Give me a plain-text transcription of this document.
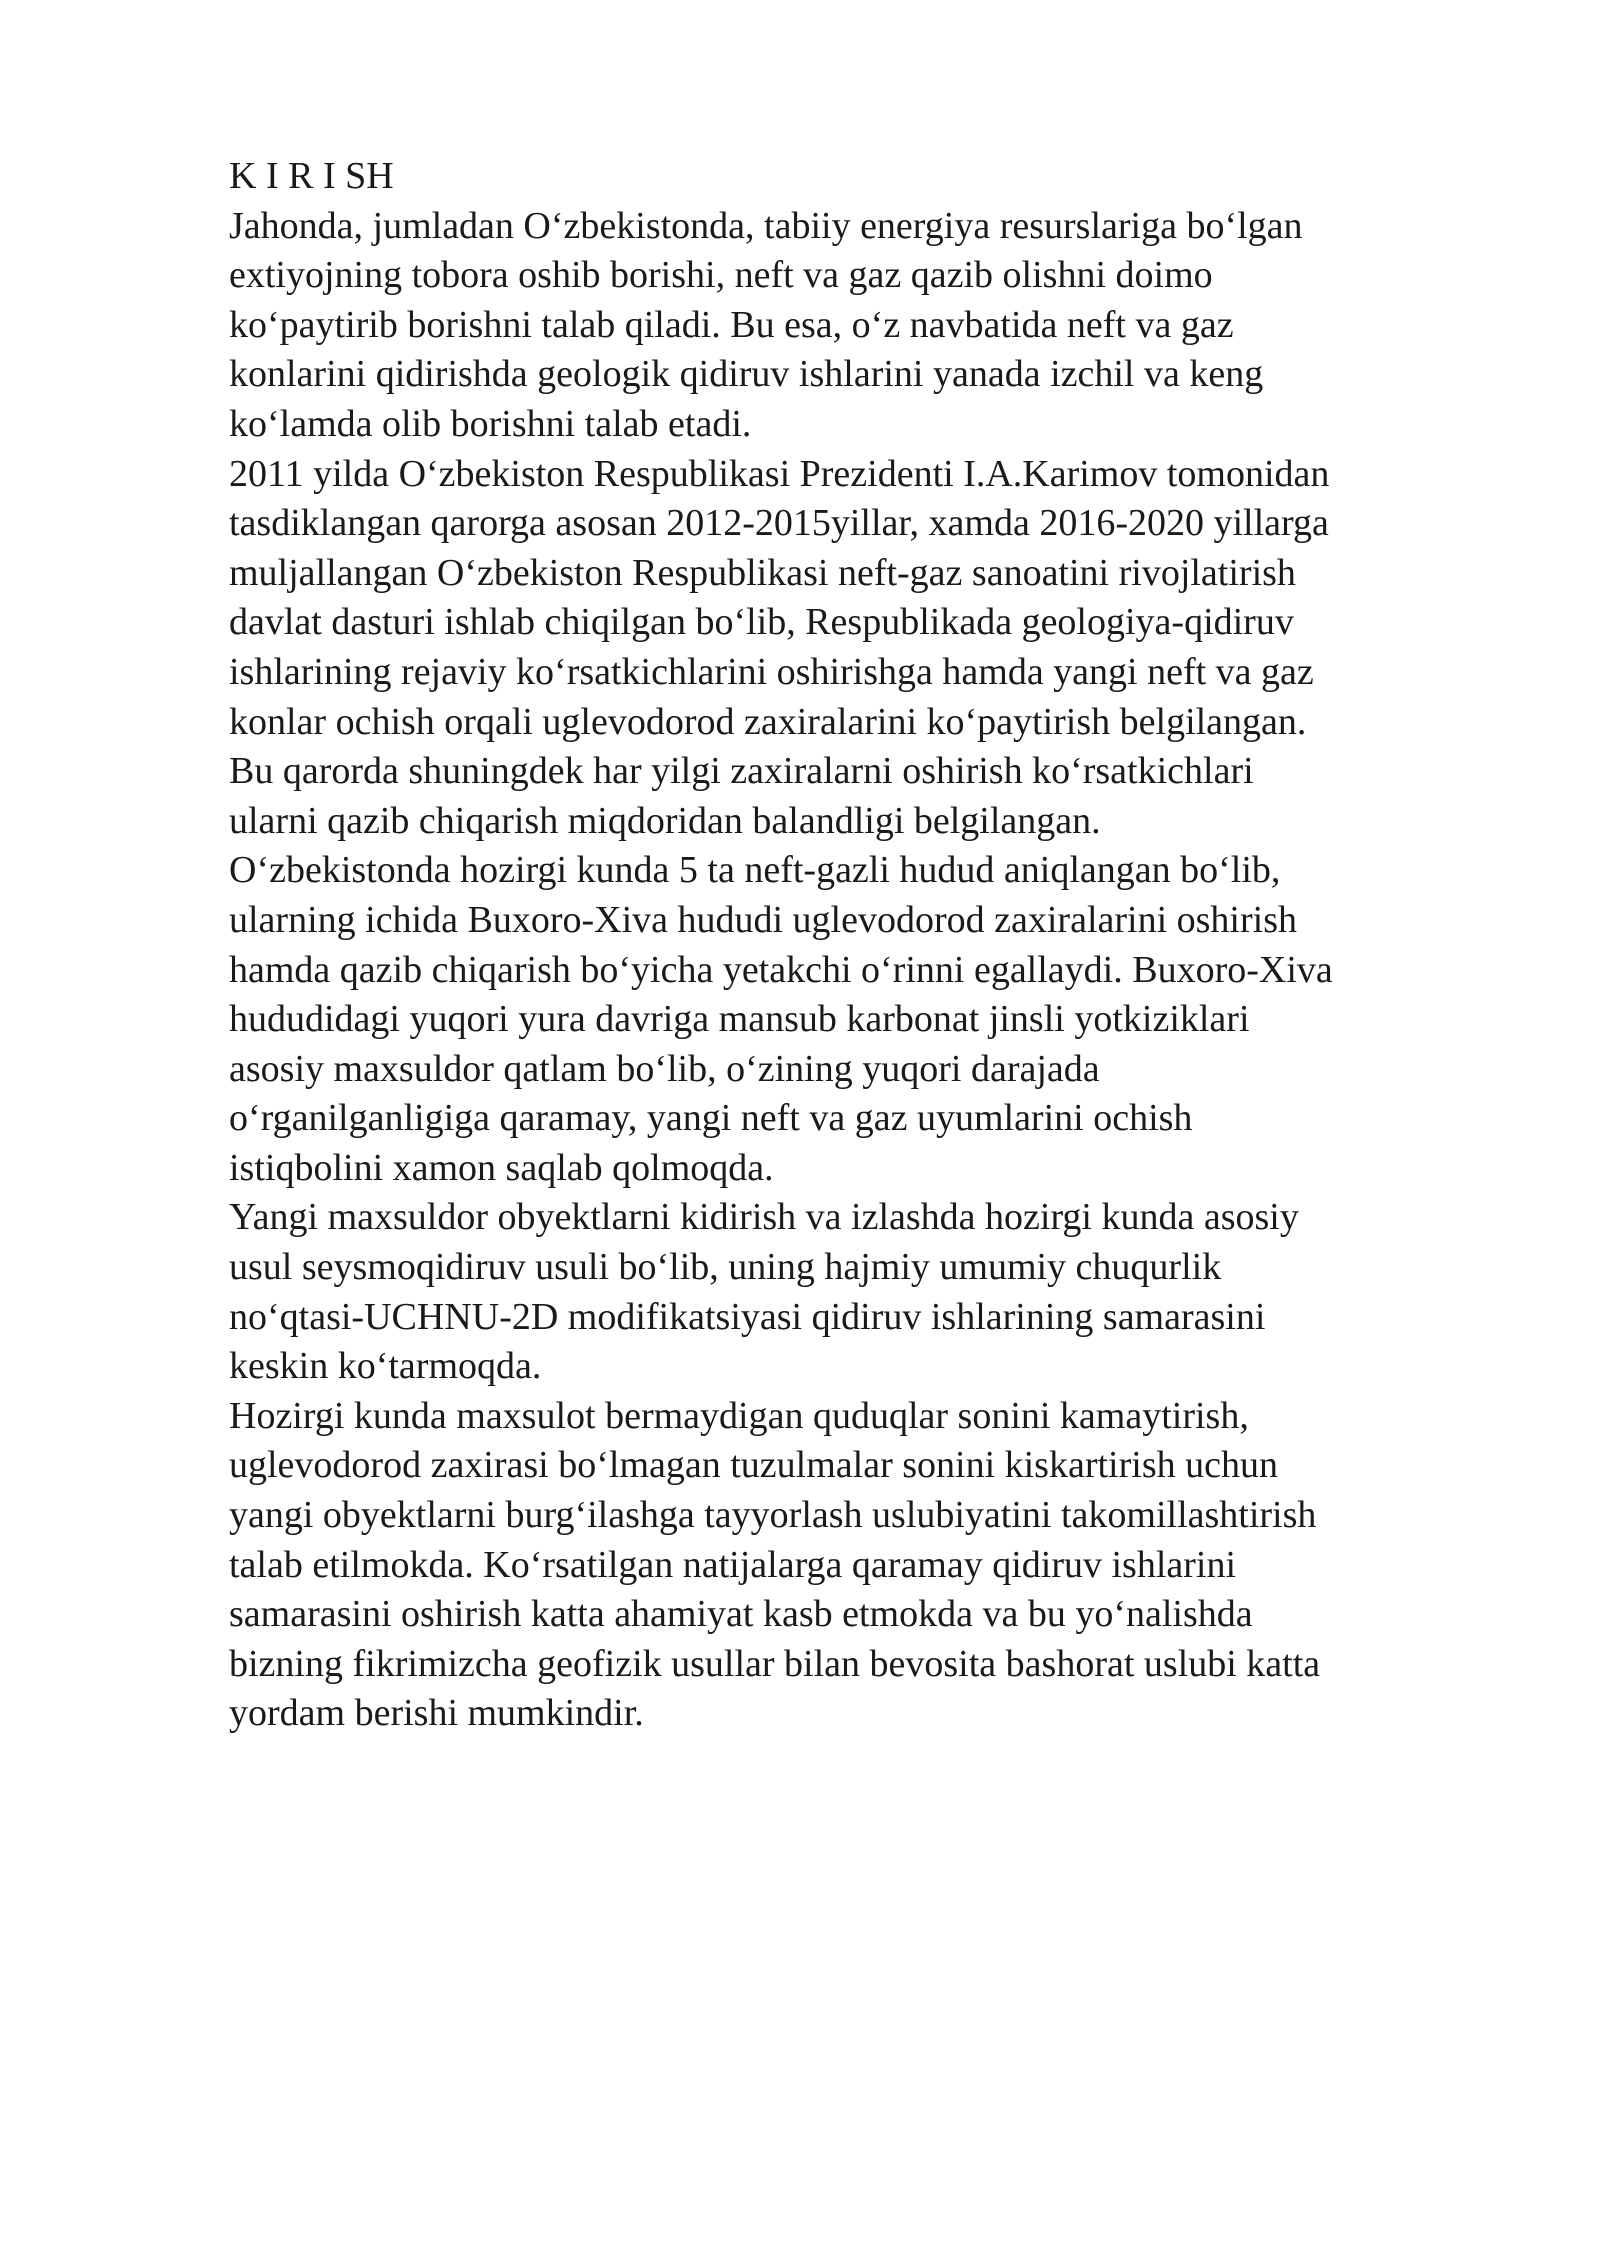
K I R I SH

Jahonda, jumladan O‘zbekistonda, tabiiy energiya resurslariga bo‘lgan
extiyojning tobora oshib borishi, neft va gaz qazib olishni doimo
ko‘paytirib borishni talab qiladi. Bu esa, o‘z navbatida neft va gaz
konlarini qidirishda geologik qidiruv ishlarini yanada izchil va keng
ko‘lamda olib borishni talab etadi.

2011 yilda O‘zbekiston Respublikasi Prezidenti I.A.Karimov tomonidan
tasdiklangan qarorga asosan 2012-2015yillar, xamda 2016-2020 yillarga
muljallangan O‘zbekiston Respublikasi neft-gaz sanoatini rivojlatirish
davlat dasturi ishlab chiqilgan bo‘lib, Respublikada geologiya-qidiruv
ishlarining rejaviy ko‘rsatkichlarini oshirishga hamda yangi neft va gaz
konlar ochish orqali uglevodorod zaxiralarini ko‘paytirish belgilangan.
Bu qarorda shuningdek har yilgi zaxiralarni oshirish ko‘rsatkichlari
ularni qazib chiqarish miqdoridan balandligi belgilangan.

O‘zbekistonda hozirgi kunda 5 ta neft-gazli hudud aniqlangan bo‘lib,
ularning ichida Buxoro-Xiva hududi uglevodorod zaxiralarini oshirish
hamda qazib chiqarish bo‘yicha yetakchi o‘rinni egallaydi. Buxoro-Xiva
hududidagi yuqori yura davriga mansub karbonat jinsli yotkiziklari
asosiy maxsuldor qatlam bo‘lib, o‘zining yuqori darajada
o‘rganilganligiga qaramay, yangi neft va gaz uyumlarini ochish
istiqbolini xamon saqlab qolmoqda.

Yangi maxsuldor obyektlarni kidirish va izlashda hozirgi kunda asosiy
usul seysmoqidiruv usuli bo‘lib, uning hajmiy umumiy chuqurlik
no‘qtasi-UCHNU-2D modifikatsiyasi qidiruv ishlarining samarasini
keskin ko‘tarmoqda.

Hozirgi kunda maxsulot bermaydigan quduqlar sonini kamaytirish,
uglevodorod zaxirasi bo‘lmagan tuzulmalar sonini kiskartirish uchun
yangi obyektlarni burg‘ilashga tayyorlash uslubiyatini takomillashtirish
talab etilmokda. Ko‘rsatilgan natijalarga qaramay qidiruv ishlarini
samarasini oshirish katta ahamiyat kasb etmokda va bu yo‘nalishda
bizning fikrimizcha geofizik usullar bilan bevosita bashorat uslubi katta
yordam berishi mumkindir.
